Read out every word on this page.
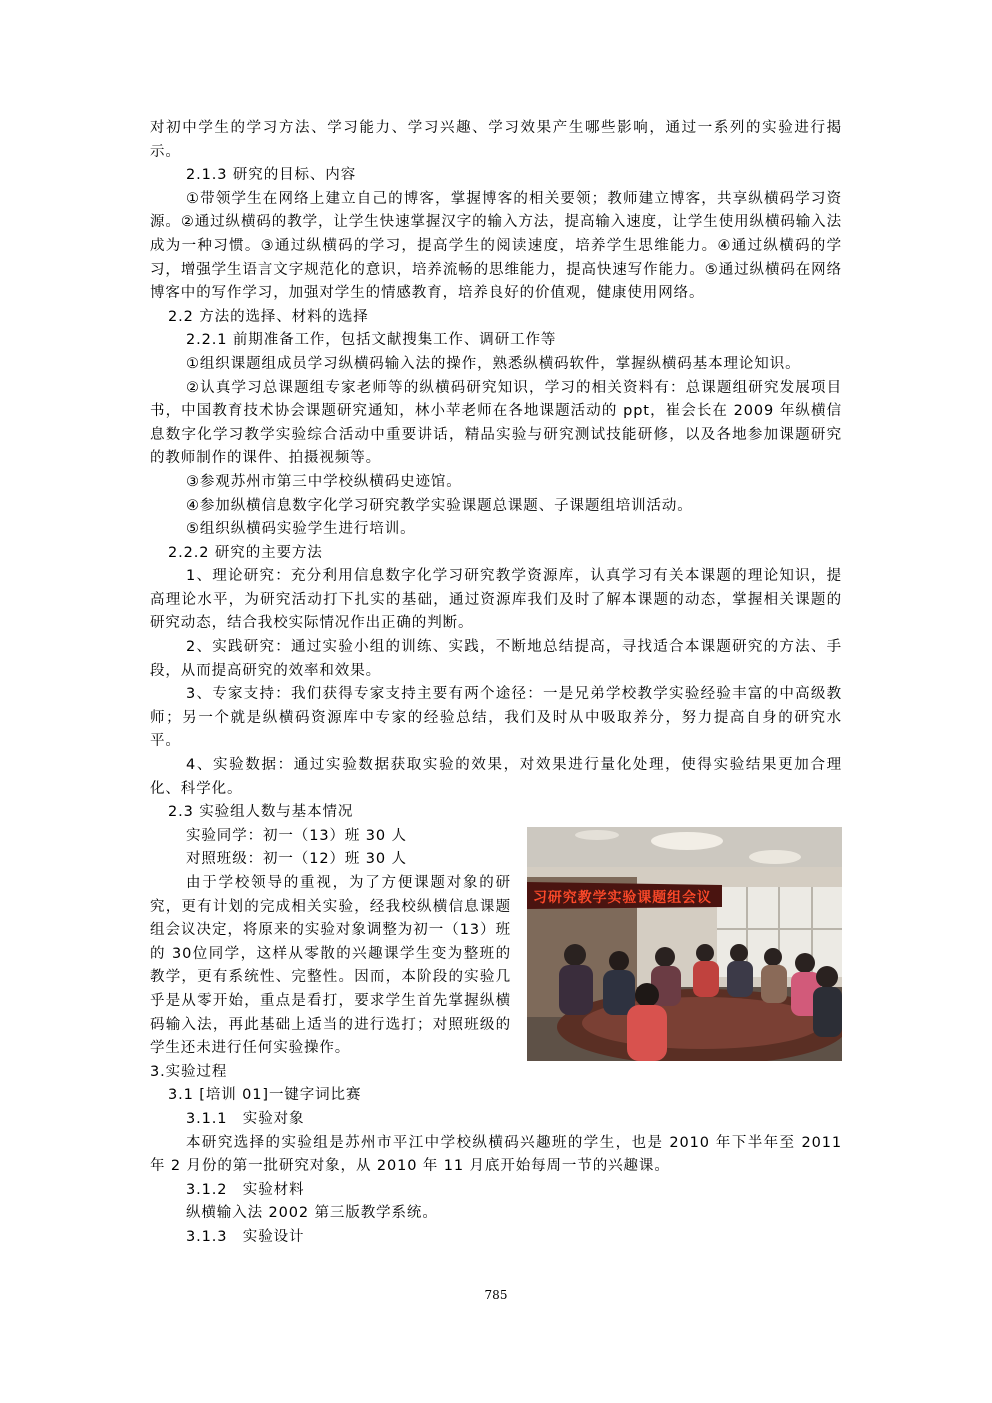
对初中学生的学习方法、学习能力、学习兴趣、学习效果产生哪些影响，通过一系列的实验进行揭示。

2.1.3 研究的目标、内容

①带领学生在网络上建立自己的博客，掌握博客的相关要领；教师建立博客，共享纵横码学习资源。②通过纵横码的教学，让学生快速掌握汉字的输入方法，提高输入速度，让学生使用纵横码输入法成为一种习惯。③通过纵横码的学习，提高学生的阅读速度，培养学生思维能力。④通过纵横码的学习，增强学生语言文字规范化的意识，培养流畅的思维能力，提高快速写作能力。⑤通过纵横码在网络博客中的写作学习，加强对学生的情感教育，培养良好的价值观，健康使用网络。

2.2 方法的选择、材料的选择

2.2.1 前期准备工作，包括文献搜集工作、调研工作等

①组织课题组成员学习纵横码输入法的操作，熟悉纵横码软件，掌握纵横码基本理论知识。

②认真学习总课题组专家老师等的纵横码研究知识，学习的相关资料有：总课题组研究发展项目书，中国教育技术协会课题研究通知，林小苹老师在各地课题活动的 ppt，崔会长在 2009 年纵横信息数字化学习教学实验综合活动中重要讲话，精品实验与研究测试技能研修，以及各地参加课题研究的教师制作的课件、拍摄视频等。

③参观苏州市第三中学校纵横码史迹馆。

④参加纵横信息数字化学习研究教学实验课题总课题、子课题组培训活动。

⑤组织纵横码实验学生进行培训。

2.2.2 研究的主要方法

1、理论研究：充分利用信息数字化学习研究教学资源库，认真学习有关本课题的理论知识，提高理论水平，为研究活动打下扎实的基础，通过资源库我们及时了解本课题的动态，掌握相关课题的研究动态，结合我校实际情况作出正确的判断。

2、实践研究：通过实验小组的训练、实践，不断地总结提高，寻找适合本课题研究的方法、手段，从而提高研究的效率和效果。

3、专家支持：我们获得专家支持主要有两个途径：一是兄弟学校教学实验经验丰富的中高级教师；另一个就是纵横码资源库中专家的经验总结，我们及时从中吸取养分，努力提高自身的研究水平。

4、实验数据：通过实验数据获取实验的效果，对效果进行量化处理，使得实验结果更加合理化、科学化。

2.3 实验组人数与基本情况

习研究教学实验课题组会议

实验同学：初一（13）班 30 人

对照班级：初一（12）班 30 人

由于学校领导的重视，为了方便课题对象的研究，更有计划的完成相关实验，经我校纵横信息课题组会议决定，将原来的实验对象调整为初一（13）班的 30位同学，这样从零散的兴趣课学生变为整班的教学，更有系统性、完整性。因而，本阶段的实验几乎是从零开始，重点是看打，要求学生首先掌握纵横码输入法，再此基础上适当的进行选打；对照班级的学生还未进行任何实验操作。

3.实验过程

3.1 [培训 01]一键字词比赛

3.1.1　实验对象

本研究选择的实验组是苏州市平江中学校纵横码兴趣班的学生，也是 2010 年下半年至 2011 年 2 月份的第一批研究对象，从 2010 年 11 月底开始每周一节的兴趣课。

3.1.2　实验材料

纵横输入法 2002 第三版教学系统。

3.1.3　实验设计

785
